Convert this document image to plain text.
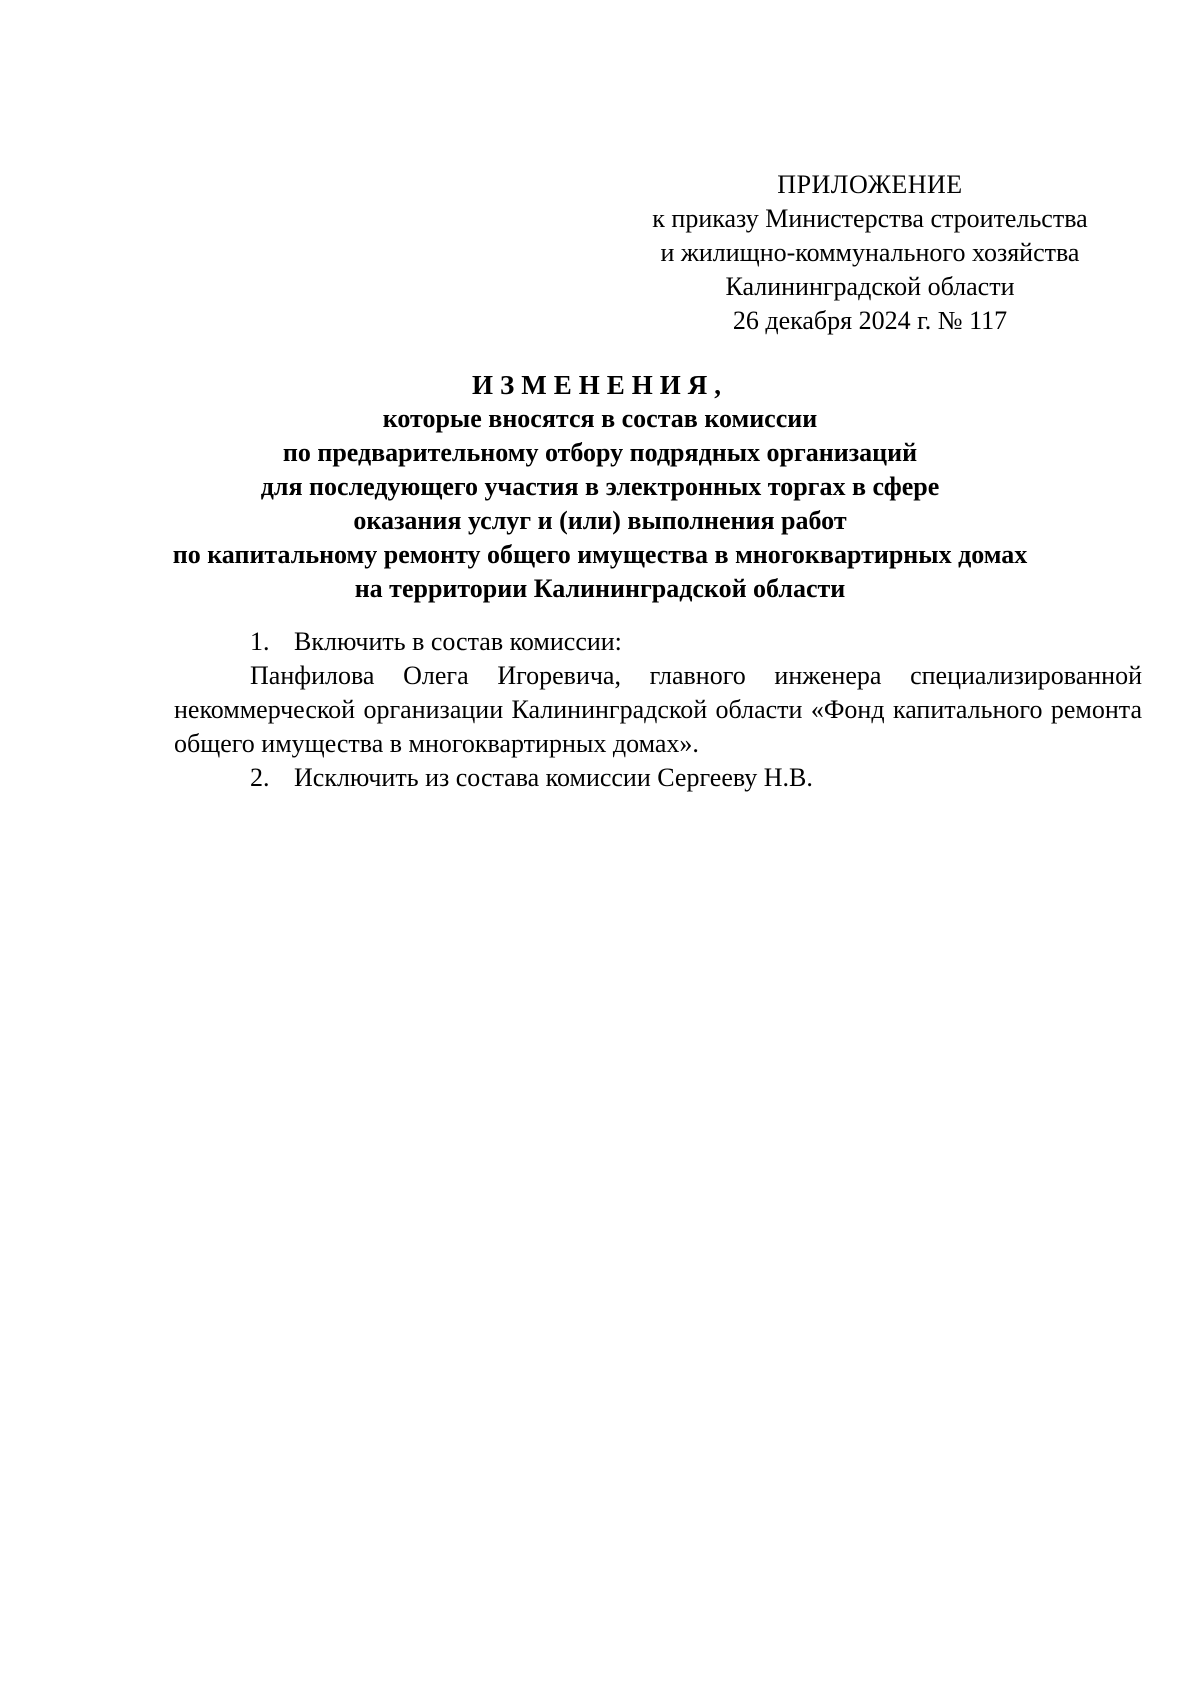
ПРИЛОЖЕНИЕ
к приказу Министерства строительства
и жилищно-коммунального хозяйства
Калининградской области
26 декабря 2024 г. № 117
ИЗМЕНЕНИЯ,
которые вносятся в состав комиссии
по предварительному отбору подрядных организаций
для последующего участия в электронных торгах в сфере
оказания услуг и (или) выполнения работ
по капитальному ремонту общего имущества в многоквартирных домах
на территории Калининградской области
1. Включить в состав комиссии:

Панфилова Олега Игоревича, главного инженера специализированной некоммерческой организации Калининградской области «Фонд капитального ремонта общего имущества в многоквартирных домах».

2. Исключить из состава комиссии Сергееву Н.В.
